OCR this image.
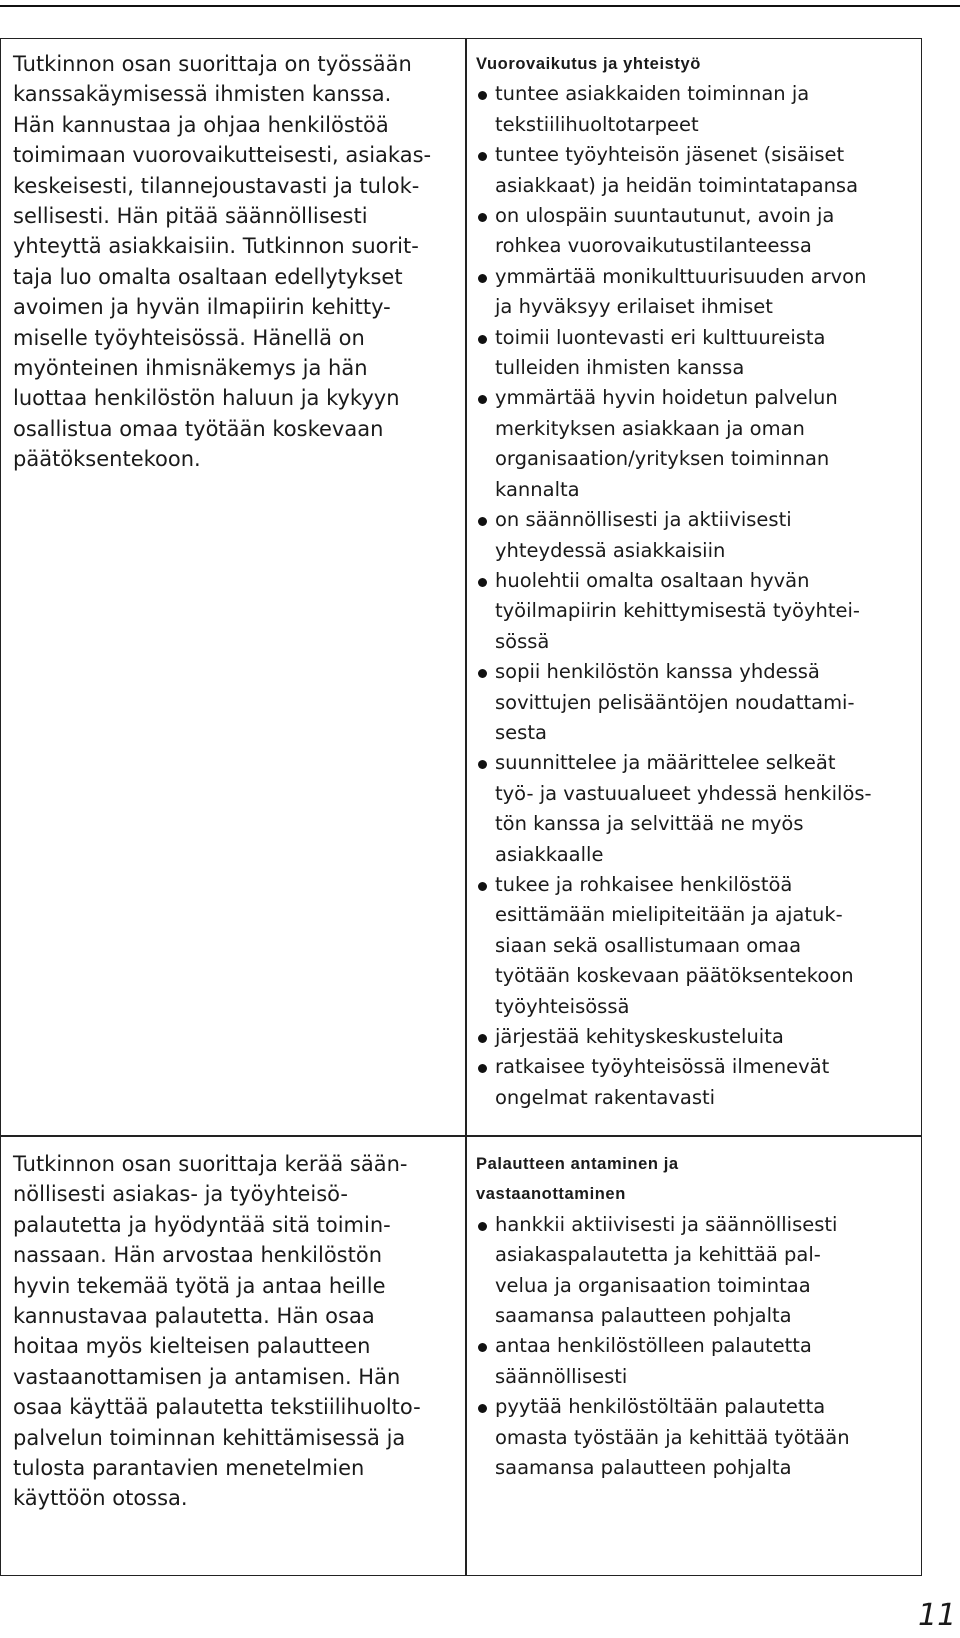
Tutkinnon osan suorittaja on työssään
kanssakäymisessä ihmisten kanssa.
Hän kannustaa ja ohjaa henkilöstöä
toimimaan vuorovaikutteisesti, asiakas-
keskeisesti, tilannejoustavasti ja tulok-
sellisesti. Hän pitää säännöllisesti
yhteyttä asiakkaisiin. Tutkinnon suorit-
taja luo omalta osaltaan edellytykset
avoimen ja hyvän ilmapiirin kehitty-
miselle työyhteisössä. Hänellä on
myönteinen ihmisnäkemys ja hän
luottaa henkilöstön haluun ja kykyyn
osallistua omaa työtään koskevaan
päätöksentekoon.

Vuorovaikutus ja yhteistyö

tuntee asiakkaiden toiminnan ja
tekstiilihuoltotarpeet
tuntee työyhteisön jäsenet (sisäiset
asiakkaat) ja heidän toimintatapansa
on ulospäin suuntautunut, avoin ja
rohkea vuorovaikutustilanteessa
ymmärtää monikulttuurisuuden arvon
ja hyväksyy erilaiset ihmiset
toimii luontevasti eri kulttuureista
tulleiden ihmisten kanssa
ymmärtää hyvin hoidetun palvelun
merkityksen asiakkaan ja oman
organisaation/yrityksen toiminnan
kannalta
on säännöllisesti ja aktiivisesti
yhteydessä asiakkaisiin
huolehtii omalta osaltaan hyvän
työilmapiirin kehittymisestä työyhtei-
sössä
sopii henkilöstön kanssa yhdessä
sovittujen pelisääntöjen noudattami-
sesta
suunnittelee ja määrittelee selkeät
työ- ja vastuualueet yhdessä henkilös-
tön kanssa ja selvittää ne myös
asiakkaalle
tukee ja rohkaisee henkilöstöä
esittämään mielipiteitään ja ajatuk-
siaan sekä osallistumaan omaa
työtään koskevaan päätöksentekoon
työyhteisössä
järjestää kehityskeskusteluita
ratkaisee työyhteisössä ilmenevät
ongelmat rakentavasti
Tutkinnon osan suorittaja kerää sään-
nöllisesti asiakas- ja työyhteisö-
palautetta ja hyödyntää sitä toimin-
nassaan. Hän arvostaa henkilöstön
hyvin tekemää työtä ja antaa heille
kannustavaa palautetta. Hän osaa
hoitaa myös kielteisen palautteen
vastaanottamisen ja antamisen. Hän
osaa käyttää palautetta tekstiilihuolto-
palvelun toiminnan kehittämisessä ja
tulosta parantavien menetelmien
käyttöön otossa.

Palautteen antaminen ja
vastaanottaminen

hankkii aktiivisesti ja säännöllisesti
asiakaspalautetta ja kehittää pal-
velua ja organisaation toimintaa
saamansa palautteen pohjalta
antaa henkilöstölleen palautetta
säännöllisesti
pyytää henkilöstöltään palautetta
omasta työstään ja kehittää työtään
saamansa palautteen pohjalta
11
